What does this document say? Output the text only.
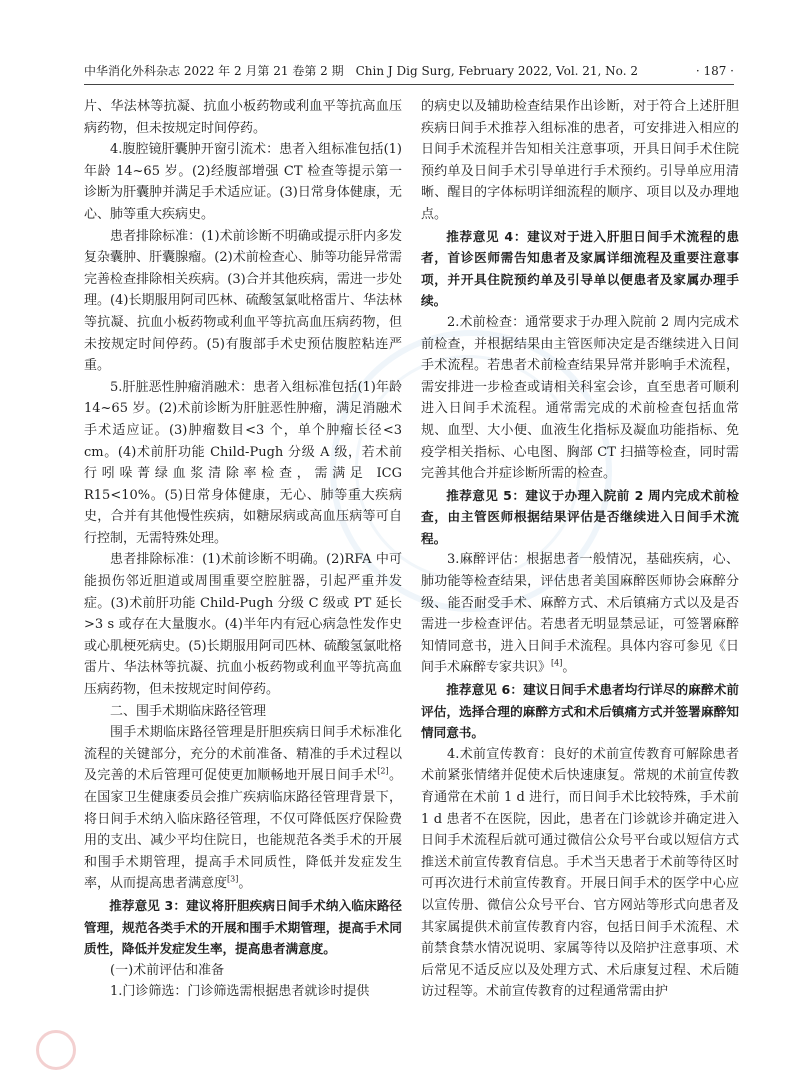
中华消化外科杂志 2022 年 2 月第 21 卷第 2 期　Chin J Dig Surg, February 2022, Vol. 21, No. 2	· 187 ·

片、华法林等抗凝、抗血小板药物或利血平等抗高血压病药物，但未按规定时间停药。

4.腹腔镜肝囊肿开窗引流术：患者入组标准包括(1)年龄 14~65 岁。(2)经腹部增强 CT 检查等提示第一诊断为肝囊肿并满足手术适应证。(3)日常身体健康，无心、肺等重大疾病史。

患者排除标准：(1)术前诊断不明确或提示肝内多发复杂囊肿、肝囊腺瘤。(2)术前检查心、肺等功能异常需完善检查排除相关疾病。(3)合并其他疾病，需进一步处理。(4)长期服用阿司匹林、硫酸氢氯吡格雷片、华法林等抗凝、抗血小板药物或利血平等抗高血压病药物，但未按规定时间停药。(5)有腹部手术史预估腹腔粘连严重。

5.肝脏恶性肿瘤消融术：患者入组标准包括(1)年龄 14~65 岁。(2)术前诊断为肝脏恶性肿瘤，满足消融术手术适应证。(3)肿瘤数目<3 个，单个肿瘤长径<3 cm。(4)术前肝功能 Child-Pugh 分级 A 级，若术前行吲哚菁绿血浆清除率检查，需满足 ICG R15<10%。(5)日常身体健康，无心、肺等重大疾病史，合并有其他慢性疾病，如糖尿病或高血压病等可自行控制，无需特殊处理。

患者排除标准：(1)术前诊断不明确。(2)RFA 中可能损伤邻近胆道或周围重要空腔脏器，引起严重并发症。(3)术前肝功能 Child-Pugh 分级 C 级或 PT 延长>3 s 或存在大量腹水。(4)半年内有冠心病急性发作史或心肌梗死病史。(5)长期服用阿司匹林、硫酸氢氯吡格雷片、华法林等抗凝、抗血小板药物或利血平等抗高血压病药物，但未按规定时间停药。

二、围手术期临床路径管理

围手术期临床路径管理是肝胆疾病日间手术标准化流程的关键部分，充分的术前准备、精准的手术过程以及完善的术后管理可促使更加顺畅地开展日间手术[2]。在国家卫生健康委员会推广疾病临床路径管理背景下，将日间手术纳入临床路径管理，不仅可降低医疗保险费用的支出、减少平均住院日，也能规范各类手术的开展和围手术期管理，提高手术同质性，降低并发症发生率，从而提高患者满意度[3]。

推荐意见 3：建议将肝胆疾病日间手术纳入临床路径管理，规范各类手术的开展和围手术期管理，提高手术同质性，降低并发症发生率，提高患者满意度。

(一)术前评估和准备

1.门诊筛选：门诊筛选需根据患者就诊时提供

的病史以及辅助检查结果作出诊断，对于符合上述肝胆疾病日间手术推荐入组标准的患者，可安排进入相应的日间手术流程并告知相关注意事项，开具日间手术住院预约单及日间手术引导单进行手术预约。引导单应用清晰、醒目的字体标明详细流程的顺序、项目以及办理地点。

推荐意见 4：建议对于进入肝胆日间手术流程的患者，首诊医师需告知患者及家属详细流程及重要注意事项，并开具住院预约单及引导单以便患者及家属办理手续。

2.术前检查：通常要求于办理入院前 2 周内完成术前检查，并根据结果由主管医师决定是否继续进入日间手术流程。若患者术前检查结果异常并影响手术流程，需安排进一步检查或请相关科室会诊，直至患者可顺利进入日间手术流程。通常需完成的术前检查包括血常规、血型、大小便、血液生化指标及凝血功能指标、免疫学相关指标、心电图、胸部 CT 扫描等检查，同时需完善其他合并症诊断所需的检查。

推荐意见 5：建议于办理入院前 2 周内完成术前检查，由主管医师根据结果评估是否继续进入日间手术流程。

3.麻醉评估：根据患者一般情况，基础疾病，心、肺功能等检查结果，评估患者美国麻醉医师协会麻醉分级、能否耐受手术、麻醉方式、术后镇痛方式以及是否需进一步检查评估。若患者无明显禁忌证，可签署麻醉知情同意书，进入日间手术流程。具体内容可参见《日间手术麻醉专家共识》[4]。

推荐意见 6：建议日间手术患者均行详尽的麻醉术前评估，选择合理的麻醉方式和术后镇痛方式并签署麻醉知情同意书。

4.术前宣传教育：良好的术前宣传教育可解除患者术前紧张情绪并促使术后快速康复。常规的术前宣传教育通常在术前 1 d 进行，而日间手术比较特殊，手术前 1 d 患者不在医院，因此，患者在门诊就诊并确定进入日间手术流程后就可通过微信公众号平台或以短信方式推送术前宣传教育信息。手术当天患者于术前等待区时可再次进行术前宣传教育。开展日间手术的医学中心应以宣传册、微信公众号平台、官方网站等形式向患者及其家属提供术前宣传教育内容，包括日间手术流程、术前禁食禁水情况说明、家属等待以及陪护注意事项、术后常见不适反应以及处理方式、术后康复过程、术后随访过程等。术前宣传教育的过程通常需由护
